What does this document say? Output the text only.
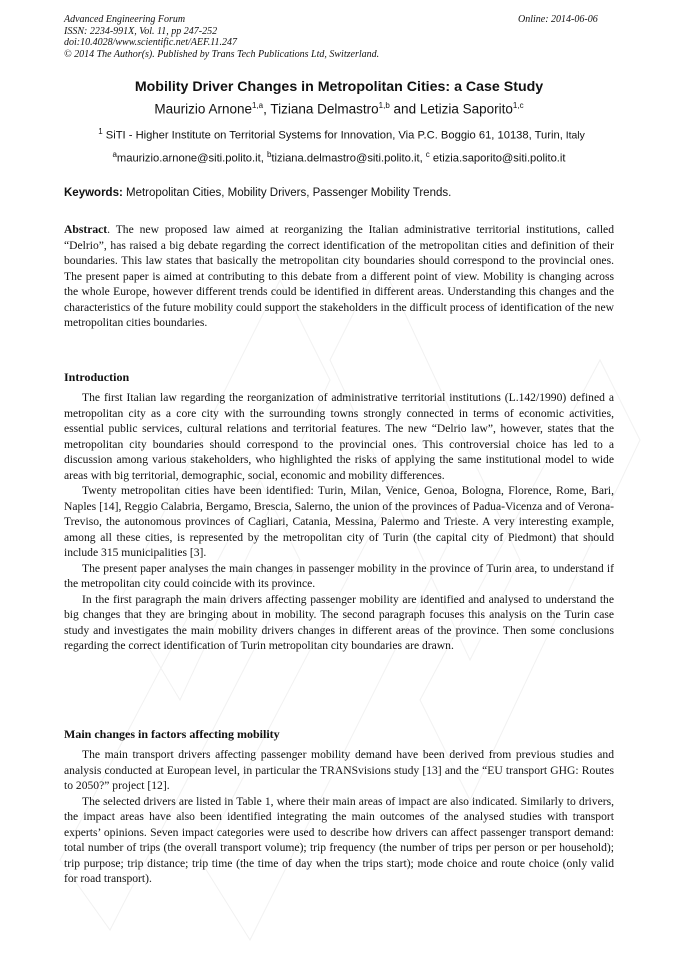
Advanced Engineering Forum
ISSN: 2234-991X, Vol. 11, pp 247-252
doi:10.4028/www.scientific.net/AEF.11.247
© 2014 The Author(s). Published by Trans Tech Publications Ltd, Switzerland.
Online: 2014-06-06
Mobility Driver Changes in Metropolitan Cities: a Case Study
Maurizio Arnone$^{1,a}$, Tiziana Delmastro$^{1,b}$ and Letizia Saporito$^{1,c}$
$^1$ SiTI - Higher Institute on Territorial Systems for Innovation, Via P.C. Boggio 61, 10138, Turin, Italy
$^a$maurizio.arnone@siti.polito.it, $^b$tiziana.delmastro@siti.polito.it, $^c$ etizia.saporito@siti.polito.it
Keywords: Metropolitan Cities, Mobility Drivers, Passenger Mobility Trends.

Abstract. The new proposed law aimed at reorganizing the Italian administrative territorial institutions, called “Delrio”, has raised a big debate regarding the correct identification of the metropolitan cities and definition of their boundaries. This law states that basically the metropolitan city boundaries should correspond to the provincial ones. The present paper is aimed at contributing to this debate from a different point of view. Mobility is changing across the whole Europe, however different trends could be identified in different areas. Understanding this changes and the characteristics of the future mobility could support the stakeholders in the difficult process of identification of the new metropolitan cities boundaries.

Introduction

The first Italian law regarding the reorganization of administrative territorial institutions (L.142/1990) defined a metropolitan city as a core city with the surrounding towns strongly connected in terms of economic activities, essential public services, cultural relations and territorial features. The new “Delrio law”, however, states that the metropolitan city boundaries should correspond to the provincial ones. This controversial choice has led to a discussion among various stakeholders, who highlighted the risks of applying the same institutional model to wide areas with big territorial, demographic, social, economic and mobility differences.

Twenty metropolitan cities have been identified: Turin, Milan, Venice, Genoa, Bologna, Florence, Rome, Bari, Naples [14], Reggio Calabria, Bergamo, Brescia, Salerno, the union of the provinces of Padua-Vicenza and of Verona-Treviso, the autonomous provinces of Cagliari, Catania, Messina, Palermo and Trieste. A very interesting example, among all these cities, is represented by the metropolitan city of Turin (the capital city of Piedmont) that should include 315 municipalities [3].

The present paper analyses the main changes in passenger mobility in the province of Turin area, to understand if the metropolitan city could coincide with its province.

In the first paragraph the main drivers affecting passenger mobility are identified and analysed to understand the big changes that they are bringing about in mobility. The second paragraph focuses this analysis on the Turin case study and investigates the main mobility drivers changes in different areas of the province. Then some conclusions regarding the correct identification of Turin metropolitan city boundaries are drawn.

Main changes in factors affecting mobility

The main transport drivers affecting passenger mobility demand have been derived from previous studies and analysis conducted at European level, in particular the TRANSvisions study [13] and the “EU transport GHG: Routes to 2050?” project [12].

The selected drivers are listed in Table 1, where their main areas of impact are also indicated. Similarly to drivers, the impact areas have also been identified integrating the main outcomes of the analysed studies with transport experts’ opinions. Seven impact categories were used to describe how drivers can affect passenger transport demand: total number of trips (the overall transport volume); trip frequency (the number of trips per person or per household); trip purpose; trip distance; trip time (the time of day when the trips start); mode choice and route choice (only valid for road transport).
